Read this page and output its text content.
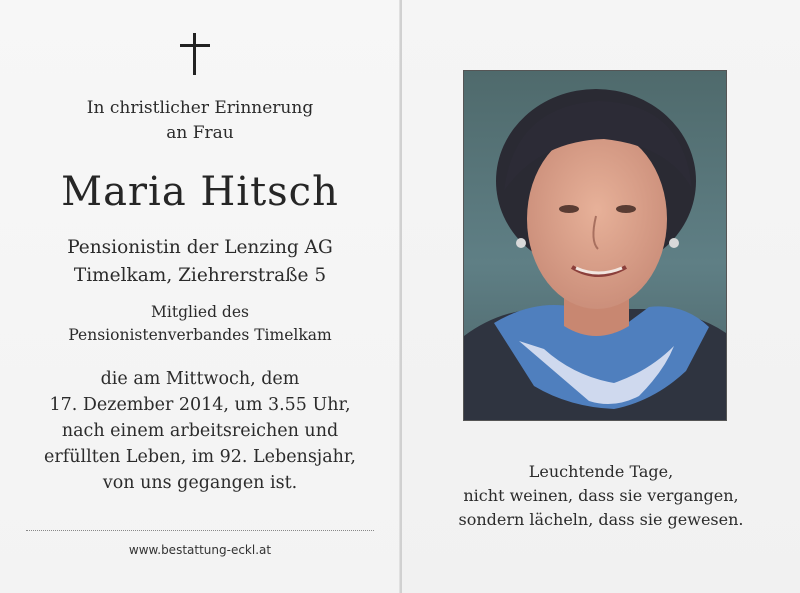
In christlicher Erinnerung
an Frau
Maria Hitsch
Pensionistin der Lenzing AG
Timelkam, Ziehrerstraße 5
Mitglied des
Pensionistenverbandes Timelkam
die am Mittwoch, dem
17. Dezember 2014, um 3.55 Uhr,
nach einem arbeitsreichen und
erfüllten Leben, im 92. Lebensjahr,
von uns gegangen ist.
www.bestattung-eckl.at
Leuchtende Tage,
nicht weinen, dass sie vergangen,
sondern lächeln, dass sie gewesen.
